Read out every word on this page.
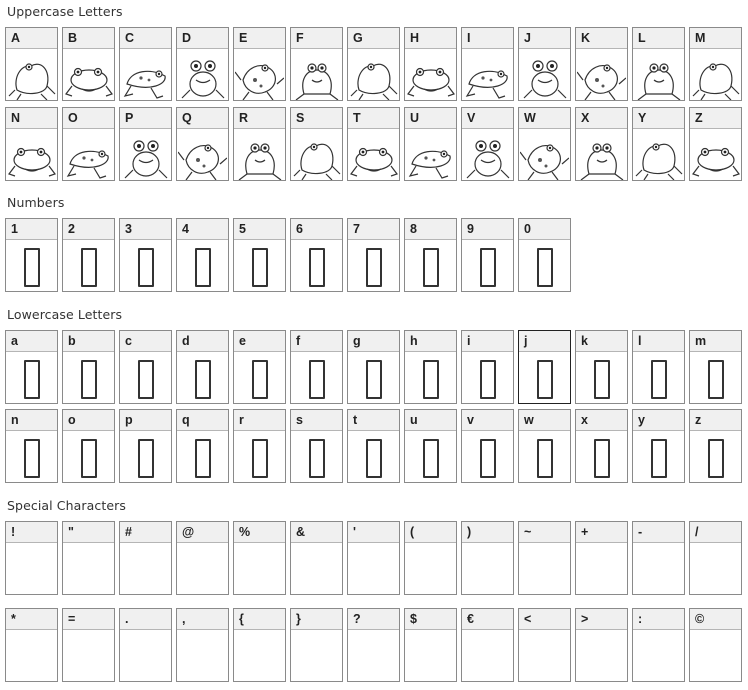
Uppercase Letters
A	B	C	D	E	F	G	H	I	J	K	L	M
N	O	P	Q	R	S	T	U	V	W	X	Y	Z
Numbers
1	2	3	4	5	6	7	8	9	0
Lowercase Letters
a	b	c	d	e	f	g	h	i	j	k	l	m
n	o	p	q	r	s	t	u	v	w	x	y	z
Special Characters
!	"	#	@	%	&	'	(	)	~	+	-	/
*	=	.	,	{	}	?	$	€	<	>	:	©
